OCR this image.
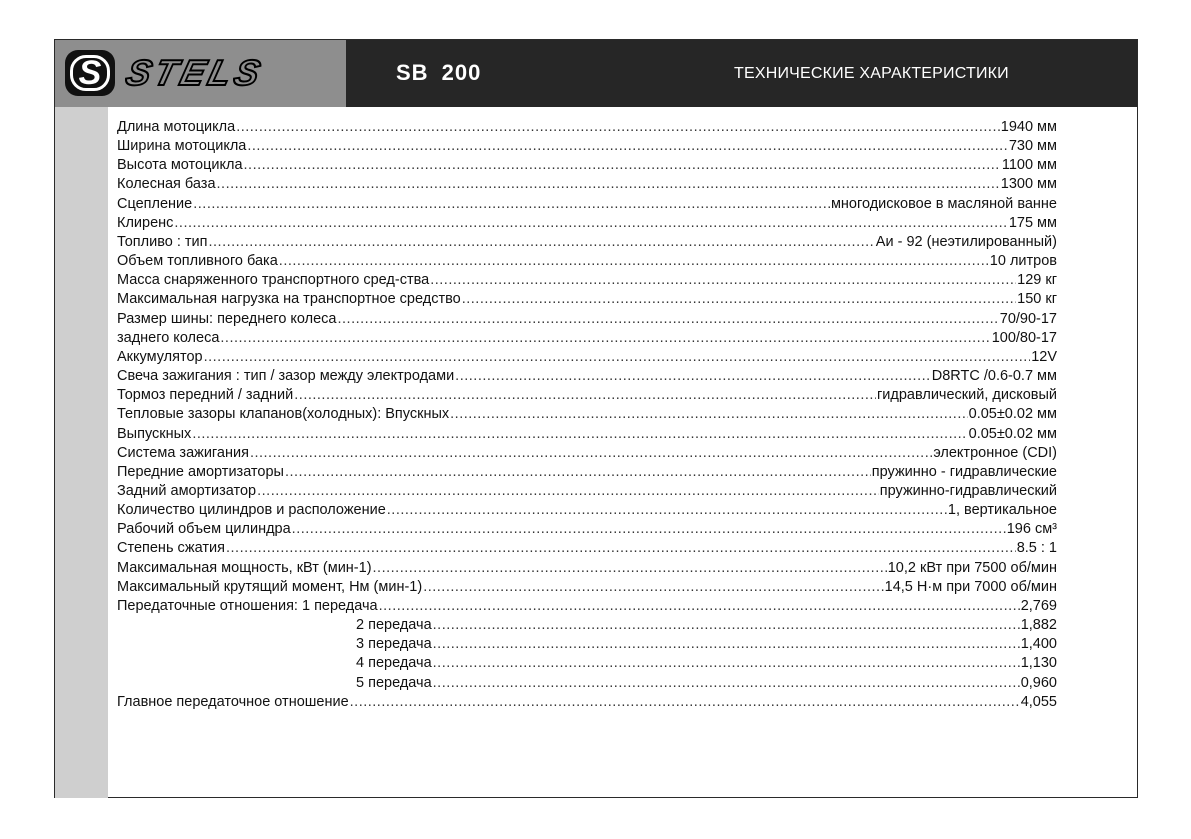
S STELS	SB 200	ТЕХНИЧЕСКИЕ ХАРАКТЕРИСТИКИ
Длина мотоцикла .....	1940 мм
Ширина мотоцикла .....	730 мм
Высота мотоцикла .....	1100 мм
Колесная база .....	1300 мм
Сцепление .....	многодисковое в масляной ванне
Клиренс .....	175 мм
Топливо : тип .....	Аи - 92 (неэтилированный)
Объем топливного бака .....	10 литров
Масса снаряженного транспортного сред-ства .....	129 кг
Максимальная нагрузка на транспортное средство .....	150 кг
Размер шины: переднего колеса .....	70/90-17
заднего колеса .....	100/80-17
Аккумулятор .....	12V
Свеча зажигания : тип / зазор между электродами .....	D8RTC /0.6-0.7 мм
Тормоз передний / задний .....	гидравлический, дисковый
Тепловые зазоры клапанов(холодных): Впускных .....	0.05±0.02 мм
Выпускных .....	0.05±0.02 мм
Система зажигания .....	электронное (CDI)
Передние амортизаторы .....	пружинно - гидравлические
Задний амортизатор .....	пружинно-гидравлический
Количество цилиндров и расположение .....	1, вертикальное
Рабочий объем цилиндра .....	196 см³
Степень сжатия .....	8.5 : 1
Максимальная мощность, кВт (мин-1) .....	10,2 кВт при 7500 об/мин
Максимальный крутящий момент, Нм (мин-1) .....	14,5 Н·м при 7000 об/мин
Передаточные отношения: 1 передача .....	2,769
2 передача .....	1,882
3 передача .....	1,400
4 передача .....	1,130
5 передача .....	0,960
Главное передаточное отношение .....	4,055
